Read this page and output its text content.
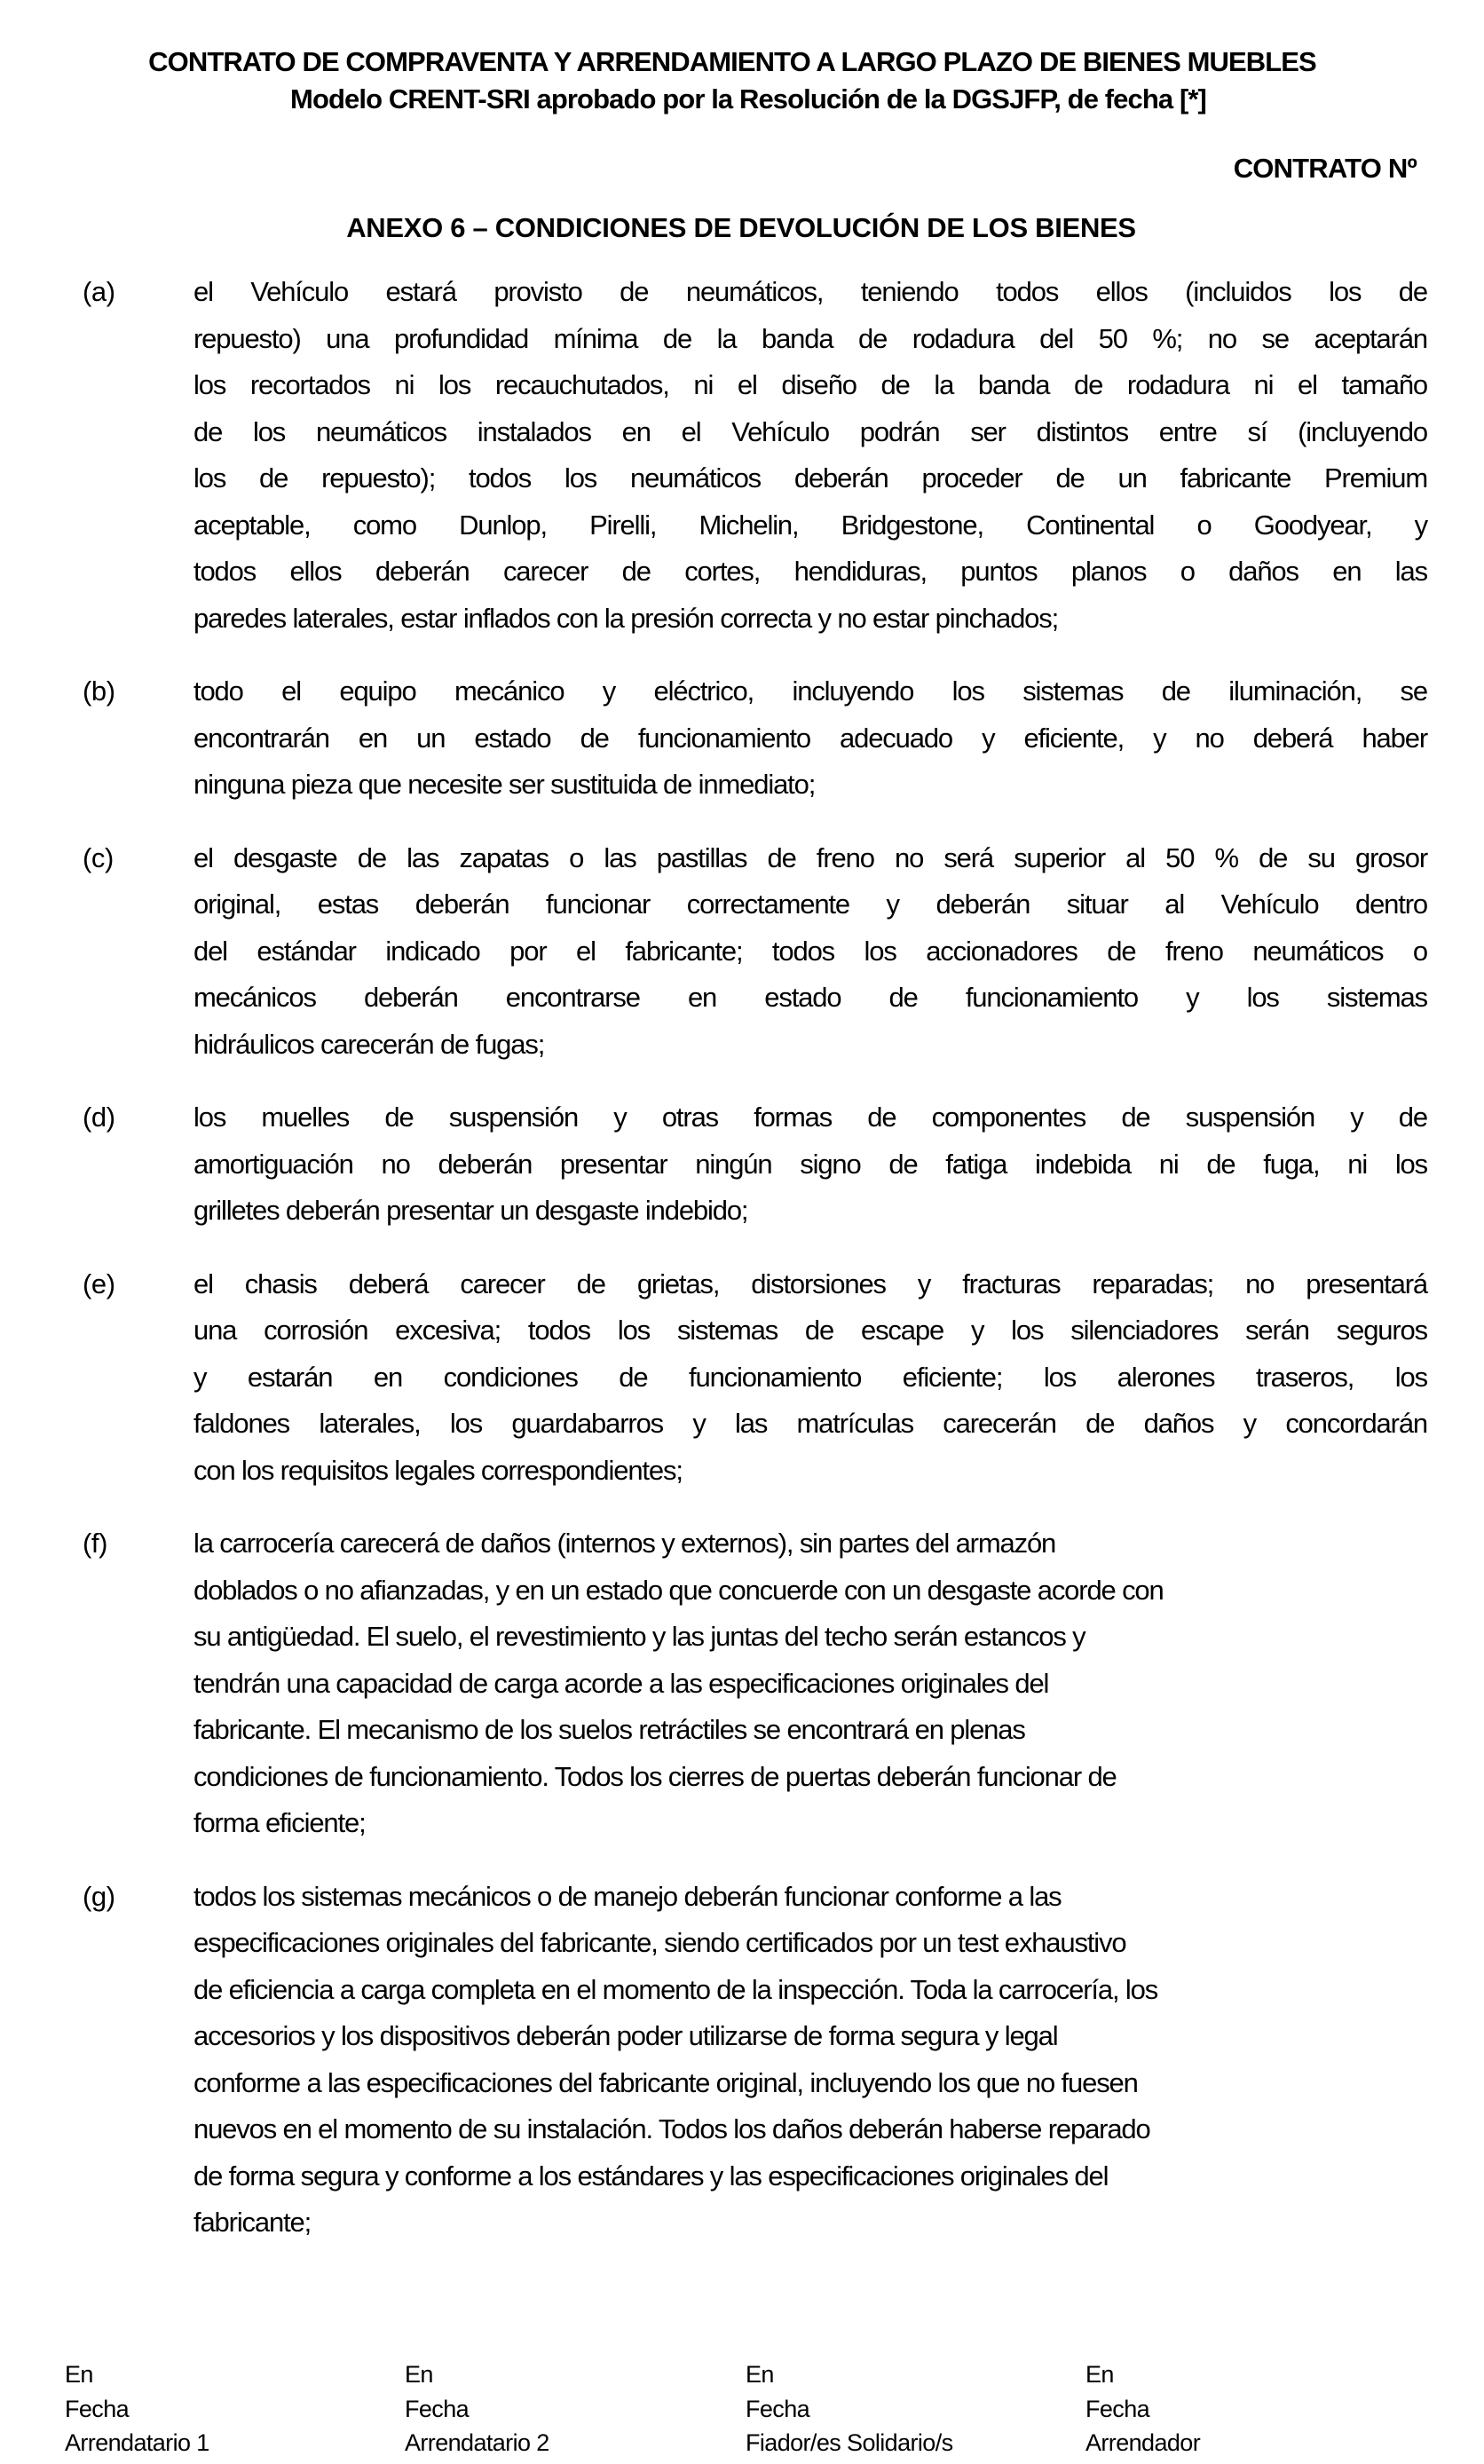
CONTRATO DE COMPRAVENTA Y ARRENDAMIENTO A LARGO PLAZO DE BIENES MUEBLES
Modelo CRENT-SRI aprobado por la Resolución de la DGSJFP, de fecha [*]
CONTRATO Nº
ANEXO 6 – CONDICIONES DE DEVOLUCIÓN DE LOS BIENES
(a)	el Vehículo estará provisto de neumáticos, teniendo todos ellos (incluidos los de
repuesto) una profundidad mínima de la banda de rodadura del 50 %; no se aceptarán
los recortados ni los recauchutados, ni el diseño de la banda de rodadura ni el tamaño
de los neumáticos instalados en el Vehículo podrán ser distintos entre sí (incluyendo
los de repuesto); todos los neumáticos deberán proceder de un fabricante Premium
aceptable, como Dunlop, Pirelli, Michelin, Bridgestone, Continental o Goodyear, y
todos ellos deberán carecer de cortes, hendiduras, puntos planos o daños en las
paredes laterales, estar inflados con la presión correcta y no estar pinchados;
(b)	todo el equipo mecánico y eléctrico, incluyendo los sistemas de iluminación, se
encontrarán en un estado de funcionamiento adecuado y eficiente, y no deberá haber
ninguna pieza que necesite ser sustituida de inmediato;
(c)	el desgaste de las zapatas o las pastillas de freno no será superior al 50 % de su grosor
original, estas deberán funcionar correctamente y deberán situar al Vehículo dentro
del estándar indicado por el fabricante; todos los accionadores de freno neumáticos o
mecánicos deberán encontrarse en estado de funcionamiento y los sistemas
hidráulicos carecerán de fugas;
(d)	los muelles de suspensión y otras formas de componentes de suspensión y de
amortiguación no deberán presentar ningún signo de fatiga indebida ni de fuga, ni los
grilletes deberán presentar un desgaste indebido;
(e)	el chasis deberá carecer de grietas, distorsiones y fracturas reparadas; no presentará
una corrosión excesiva; todos los sistemas de escape y los silenciadores serán seguros
y estarán en condiciones de funcionamiento eficiente; los alerones traseros, los
faldones laterales, los guardabarros y las matrículas carecerán de daños y concordarán
con los requisitos legales correspondientes;
(f)	la carrocería carecerá de daños (internos y externos), sin partes del armazón
doblados o no afianzadas, y en un estado que concuerde con un desgaste acorde con
su antigüedad. El suelo, el revestimiento y las juntas del techo serán estancos y
tendrán una capacidad de carga acorde a las especificaciones originales del
fabricante. El mecanismo de los suelos retráctiles se encontrará en plenas
condiciones de funcionamiento. Todos los cierres de puertas deberán funcionar de
forma eficiente;
(g)	todos los sistemas mecánicos o de manejo deberán funcionar conforme a las
especificaciones originales del fabricante, siendo certificados por un test exhaustivo
de eficiencia a carga completa en el momento de la inspección. Toda la carrocería, los
accesorios y los dispositivos deberán poder utilizarse de forma segura y legal
conforme a las especificaciones del fabricante original, incluyendo los que no fuesen
nuevos en el momento de su instalación. Todos los daños deberán haberse reparado
de forma segura y conforme a los estándares y las especificaciones originales del
fabricante;
En
Fecha
Arrendatario 1
En
Fecha
Arrendatario 2
En
Fecha
Fiador/es Solidario/s
En
Fecha
Arrendador
